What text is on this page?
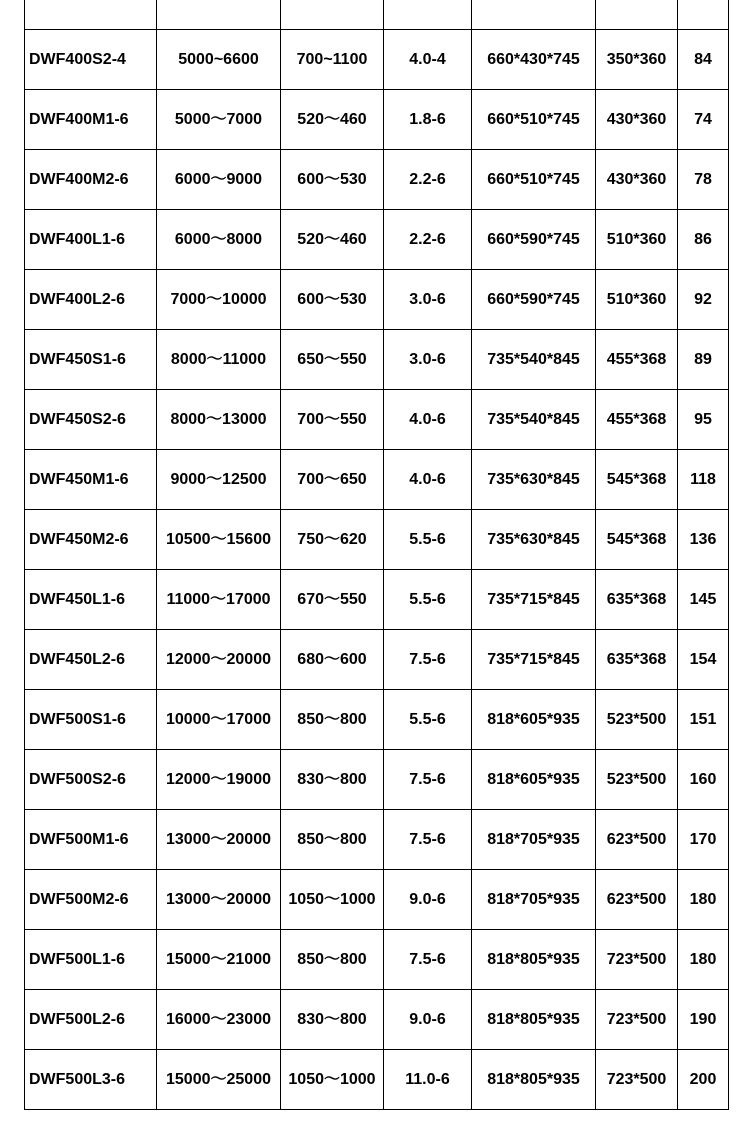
DWF400S2-4	5000~6600	700~1100	4.0-4	660*430*745	350*360	84
DWF400M1-6	5000～7000	520～460	1.8-6	660*510*745	430*360	74
DWF400M2-6	6000～9000	600～530	2.2-6	660*510*745	430*360	78
DWF400L1-6	6000～8000	520～460	2.2-6	660*590*745	510*360	86
DWF400L2-6	7000～10000	600～530	3.0-6	660*590*745	510*360	92
DWF450S1-6	8000～11000	650～550	3.0-6	735*540*845	455*368	89
DWF450S2-6	8000～13000	700～550	4.0-6	735*540*845	455*368	95
DWF450M1-6	9000～12500	700～650	4.0-6	735*630*845	545*368	118
DWF450M2-6	10500～15600	750～620	5.5-6	735*630*845	545*368	136
DWF450L1-6	11000～17000	670～550	5.5-6	735*715*845	635*368	145
DWF450L2-6	12000～20000	680～600	7.5-6	735*715*845	635*368	154
DWF500S1-6	10000～17000	850～800	5.5-6	818*605*935	523*500	151
DWF500S2-6	12000～19000	830～800	7.5-6	818*605*935	523*500	160
DWF500M1-6	13000～20000	850～800	7.5-6	818*705*935	623*500	170
DWF500M2-6	13000～20000	1050～1000	9.0-6	818*705*935	623*500	180
DWF500L1-6	15000～21000	850～800	7.5-6	818*805*935	723*500	180
DWF500L2-6	16000～23000	830～800	9.0-6	818*805*935	723*500	190
DWF500L3-6	15000～25000	1050～1000	11.0-6	818*805*935	723*500	200
